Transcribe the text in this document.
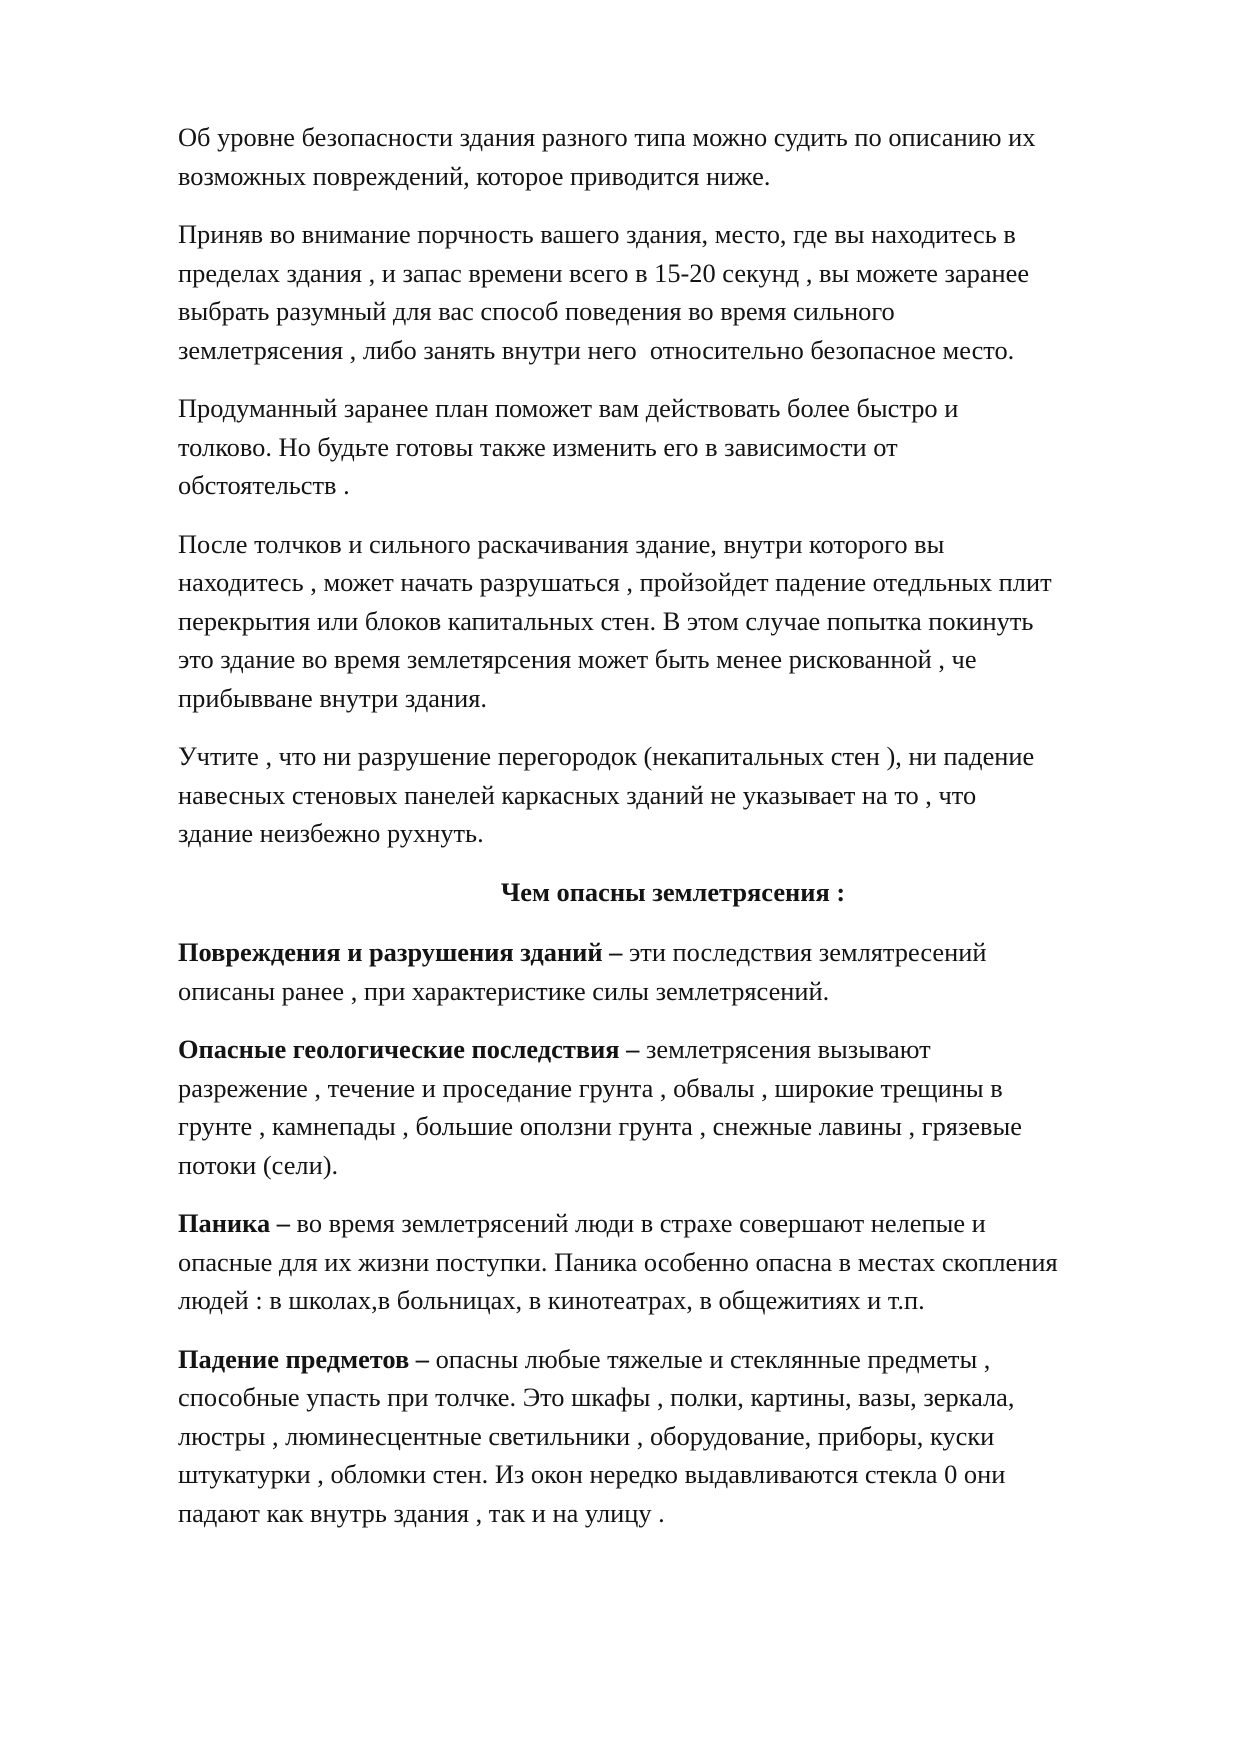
Об уровне безопасности здания разного типа можно судить по описанию их
возможных повреждений, которое приводится ниже.
Приняв во внимание порчность вашего здания, место, где вы находитесь в
пределах здания , и запас времени всего в 15-20 секунд , вы можете заранее
выбрать разумный для вас способ поведения во время сильного
землетрясения , либо занять внутри него  относительно безопасное место.
Продуманный заранее план поможет вам действовать более быстро и
толково. Но будьте готовы также изменить его в зависимости от
обстоятельств .
После толчков и сильного раскачивания здание, внутри которого вы
находитесь , может начать разрушаться , пройзойдет падение отедльных плит
перекрытия или блоков капитальных стен. В этом случае попытка покинуть
это здание во время землетярсения может быть менее рискованной , че
прибывване внутри здания.
Учтите , что ни разрушение перегородок (некапитальных стен ), ни падение
навесных стеновых панелей каркасных зданий не указывает на то , что
здание неизбежно рухнуть.
Чем опасны землетрясения :
Повреждения и разрушения зданий – эти последствия землятресений
описаны ранее , при характеристике силы землетрясений.
Опасные геологические последствия – землетрясения вызывают
разрежение , течение и проседание грунта , обвалы , широкие трещины в
грунте , камнепады , большие оползни грунта , снежные лавины , грязевые
потоки (сели).
Паника – во время землетрясений люди в страхе совершают нелепые и
опасные для их жизни поступки. Паника особенно опасна в местах скопления
людей : в школах,в больницах, в кинотеатрах, в общежитиях и т.п.
Падение предметов – опасны любые тяжелые и стеклянные предметы ,
способные упасть при толчке. Это шкафы , полки, картины, вазы, зеркала,
люстры , люминесцентные светильники , оборудование, приборы, куски
штукатурки , обломки стен. Из окон нередко выдавливаются стекла 0 они
падают как внутрь здания , так и на улицу .
